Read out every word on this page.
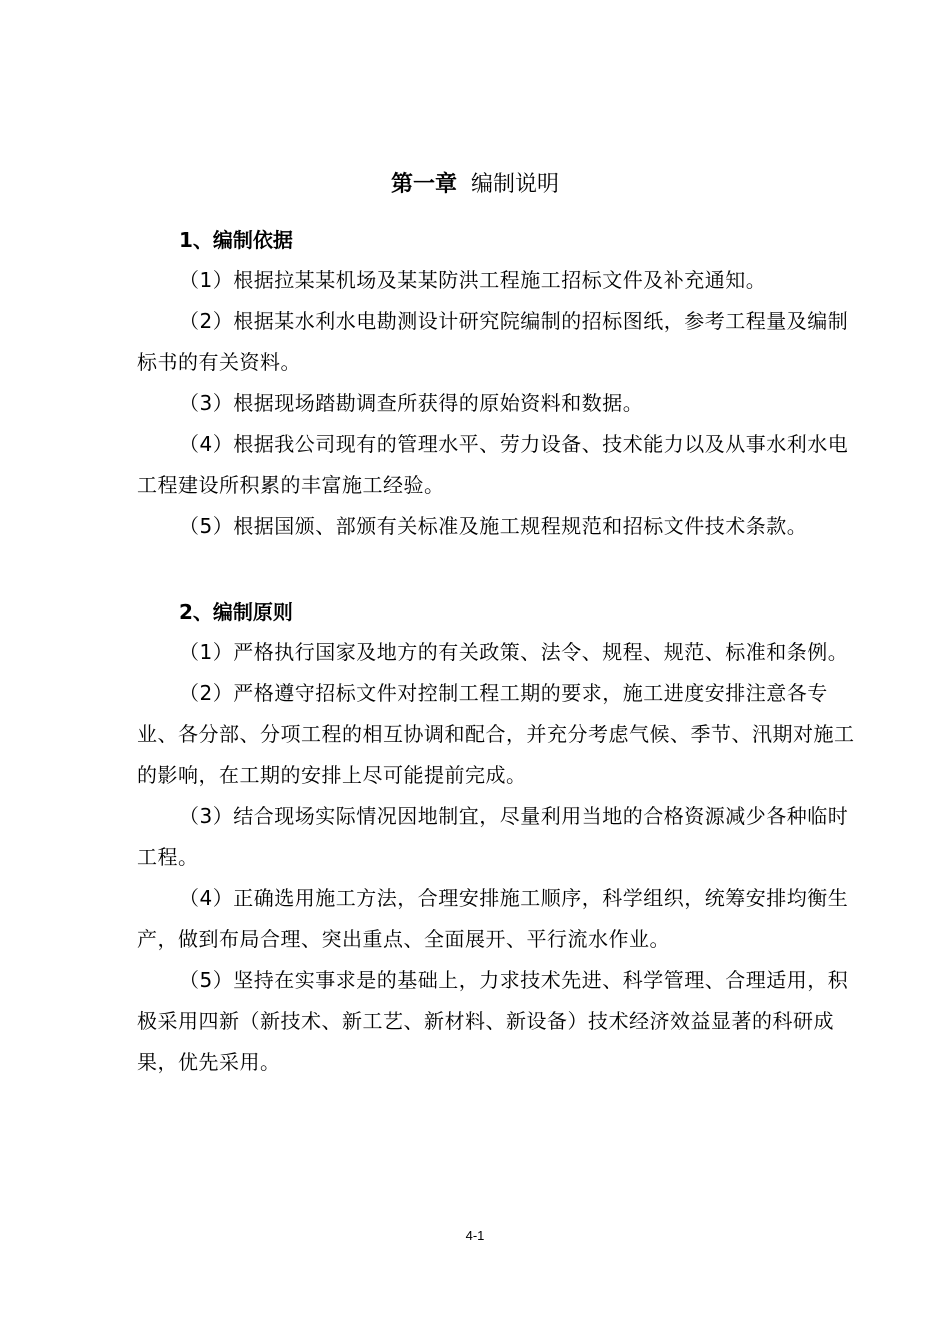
第一章 编制说明

1、编制依据

（1）根据拉某某机场及某某防洪工程施工招标文件及补充通知。

（2）根据某水利水电勘测设计研究院编制的招标图纸，参考工程量及编制标书的有关资料。

（3）根据现场踏勘调查所获得的原始资料和数据。

（4）根据我公司现有的管理水平、劳力设备、技术能力以及从事水利水电工程建设所积累的丰富施工经验。

（5）根据国颁、部颁有关标准及施工规程规范和招标文件技术条款。

2、编制原则

（1）严格执行国家及地方的有关政策、法令、规程、规范、标准和条例。

（2）严格遵守招标文件对控制工程工期的要求，施工进度安排注意各专业、各分部、分项工程的相互协调和配合，并充分考虑气候、季节、汛期对施工的影响，在工期的安排上尽可能提前完成。

（3）结合现场实际情况因地制宜，尽量利用当地的合格资源减少各种临时工程。

（4）正确选用施工方法，合理安排施工顺序，科学组织，统筹安排均衡生产，做到布局合理、突出重点、全面展开、平行流水作业。

（5）坚持在实事求是的基础上，力求技术先进、科学管理、合理适用，积极采用四新（新技术、新工艺、新材料、新设备）技术经济效益显著的科研成果，优先采用。

4-1
